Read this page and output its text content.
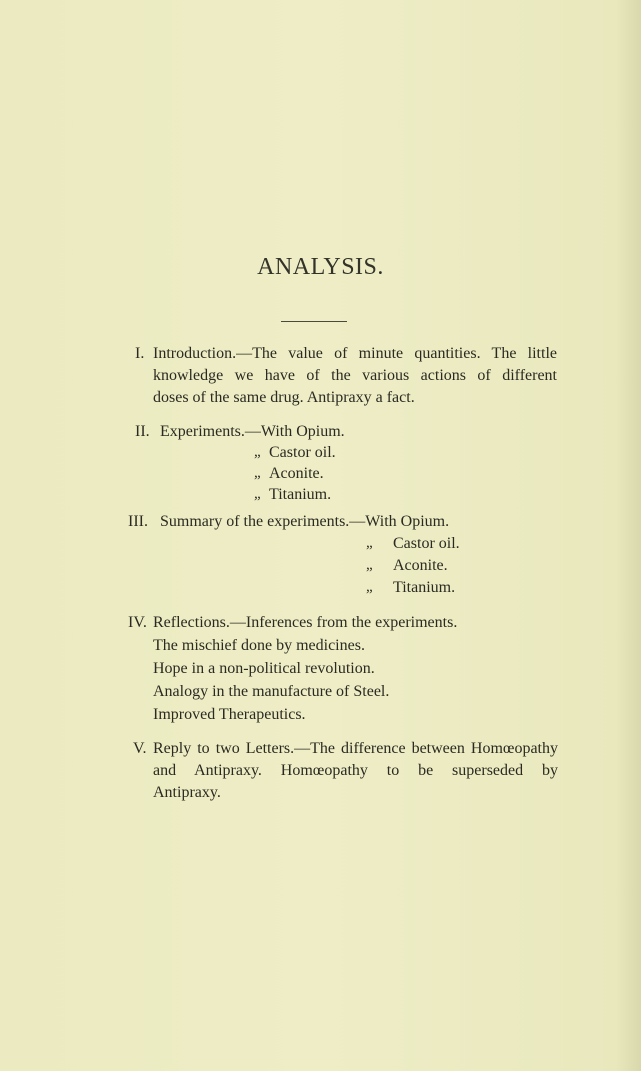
ANALYSIS.
I. Introduction.—The value of minute quantities. The little
knowledge we have of the various actions of different
doses of the same drug. Antipraxy a fact.
II. Experiments.—With Opium.
„ Castor oil.
„ Aconite.
„ Titanium.
III. Summary of the experiments.—With Opium.
„ Castor oil.
„ Aconite.
„ Titanium.
IV. Reflections.—Inferences from the experiments.
The mischief done by medicines.
Hope in a non-political revolution.
Analogy in the manufacture of Steel.
Improved Therapeutics.
V. Reply to two Letters.—The difference between Homœopathy
and Antipraxy. Homœopathy to be superseded by
Antipraxy.
